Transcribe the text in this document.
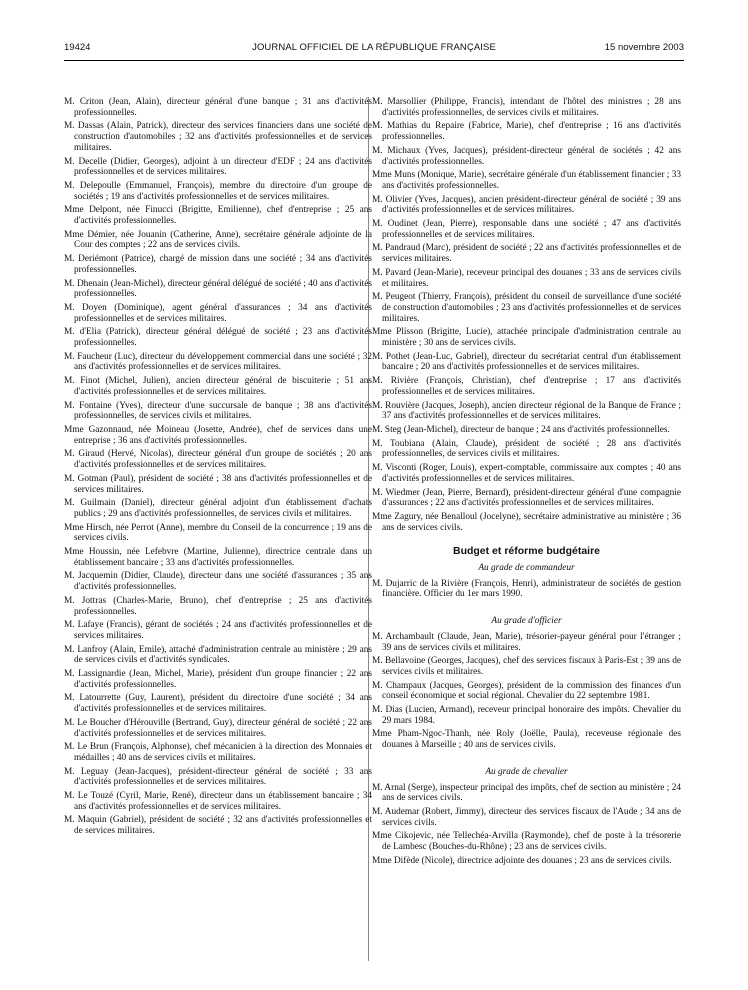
19424	JOURNAL OFFICIEL DE LA RÉPUBLIQUE FRANÇAISE	15 novembre 2003

M. Criton (Jean, Alain), directeur général d'une banque ; 31 ans d'activités professionnelles.

M. Dassas (Alain, Patrick), directeur des services financiers dans une société de construction d'automobiles ; 32 ans d'activités professionnelles et de services militaires.

M. Decelle (Didier, Georges), adjoint à un directeur d'EDF ; 24 ans d'activités professionnelles et de services militaires.

M. Delepoulle (Emmanuel, François), membre du directoire d'un groupe de sociétés ; 19 ans d'activités professionnelles et de services militaires.

Mme Delpont, née Finucci (Brigitte, Emilienne), chef d'entreprise ; 25 ans d'activités professionnelles.

Mme Démier, née Jouanin (Catherine, Anne), secrétaire générale adjointe de la Cour des comptes ; 22 ans de services civils.

M. Deriémont (Patrice), chargé de mission dans une société ; 34 ans d'activités professionnelles.

M. Dhenain (Jean-Michel), directeur général délégué de société ; 40 ans d'activités professionnelles.

M. Doyen (Dominique), agent général d'assurances ; 34 ans d'activités professionnelles et de services militaires.

M. d'Elia (Patrick), directeur général délégué de société ; 23 ans d'activités professionnelles.

M. Faucheur (Luc), directeur du développement commercial dans une société ; 32 ans d'activités professionnelles et de services militaires.

M. Finot (Michel, Julien), ancien directeur général de biscuiterie ; 51 ans d'activités professionnelles et de services militaires.

M. Fontaine (Yves), directeur d'une succursale de banque ; 38 ans d'activités professionnelles, de services civils et militaires.

Mme Gazonnaud, née Moineau (Josette, Andrée), chef de services dans une entreprise ; 36 ans d'activités professionnelles.

M. Giraud (Hervé, Nicolas), directeur général d'un groupe de sociétés ; 20 ans d'activités professionnelles et de services militaires.

M. Gotman (Paul), président de société ; 38 ans d'activités professionnelles et de services militaires.

M. Guilmain (Daniel), directeur général adjoint d'un établissement d'achats publics ; 29 ans d'activités professionnelles, de services civils et militaires.

Mme Hirsch, née Perrot (Anne), membre du Conseil de la concurrence ; 19 ans de services civils.

Mme Houssin, née Lefebvre (Martine, Julienne), directrice centrale dans un établissement bancaire ; 33 ans d'activités professionnelles.

M. Jacquemin (Didier, Claude), directeur dans une société d'assurances ; 35 ans d'activités professionnelles.

M. Jottras (Charles-Marie, Bruno), chef d'entreprise ; 25 ans d'activités professionnelles.

M. Lafaye (Francis), gérant de sociétés ; 24 ans d'activités professionnelles et de services militaires.

M. Lanfroy (Alain, Emile), attaché d'administration centrale au ministère ; 29 ans de services civils et d'activités syndicales.

M. Lassignardie (Jean, Michel, Marie), président d'un groupe financier ; 22 ans d'activités professionnelles.

M. Latourrette (Guy, Laurent), président du directoire d'une société ; 34 ans d'activités professionnelles et de services militaires.

M. Le Boucher d'Hérouville (Bertrand, Guy), directeur général de société ; 22 ans d'activités professionnelles et de services militaires.

M. Le Brun (François, Alphonse), chef mécanicien à la direction des Monnaies et médailles ; 40 ans de services civils et militaires.

M. Leguay (Jean-Jacques), président-directeur général de société ; 33 ans d'activités professionnelles et de services militaires.

M. Le Touzé (Cyril, Marie, René), directeur dans un établissement bancaire ; 34 ans d'activités professionnelles et de services militaires.

M. Maquin (Gabriel), président de société ; 32 ans d'activités professionnelles et de services militaires.

M. Marsollier (Philippe, Francis), intendant de l'hôtel des ministres ; 28 ans d'activités professionnelles, de services civils et militaires.

M. Mathias du Repaire (Fabrice, Marie), chef d'entreprise ; 16 ans d'activités professionnelles.

M. Michaux (Yves, Jacques), président-directeur général de sociétés ; 42 ans d'activités professionnelles.

Mme Muns (Monique, Marie), secrétaire générale d'un établissement financier ; 33 ans d'activités professionnelles.

M. Olivier (Yves, Jacques), ancien président-directeur général de société ; 39 ans d'activités professionnelles et de services militaires.

M. Oudinet (Jean, Pierre), responsable dans une société ; 47 ans d'activités professionnelles et de services militaires.

M. Pandraud (Marc), président de société ; 22 ans d'activités professionnelles et de services militaires.

M. Pavard (Jean-Marie), receveur principal des douanes ; 33 ans de services civils et militaires.

M. Peugeot (Thierry, François), président du conseil de surveillance d'une société de construction d'automobiles ; 23 ans d'activités professionnelles et de services militaires.

Mme Plisson (Brigitte, Lucie), attachée principale d'administration centrale au ministère ; 30 ans de services civils.

M. Pothet (Jean-Luc, Gabriel), directeur du secrétariat central d'un établissement bancaire ; 20 ans d'activités professionnelles et de services militaires.

M. Rivière (François, Christian), chef d'entreprise ; 17 ans d'activités professionnelles et de services militaires.

M. Rouvière (Jacques, Joseph), ancien directeur régional de la Banque de France ; 37 ans d'activités professionnelles et de services militaires.

M. Steg (Jean-Michel), directeur de banque ; 24 ans d'activités professionnelles.

M. Toubiana (Alain, Claude), président de société ; 28 ans d'activités professionnelles, de services civils et militaires.

M. Visconti (Roger, Louis), expert-comptable, commissaire aux comptes ; 40 ans d'activités professionnelles et de services militaires.

M. Wiedmer (Jean, Pierre, Bernard), président-directeur général d'une compagnie d'assurances ; 22 ans d'activités professionnelles et de services militaires.

Mme Zagury, née Benalloul (Jocelyne), secrétaire administrative au ministère ; 36 ans de services civils.

Budget et réforme budgétaire
Au grade de commandeur

M. Dujarric de la Rivière (François, Henri), administrateur de sociétés de gestion financière. Officier du 1er mars 1990.

Au grade d'officier

M. Archambault (Claude, Jean, Marie), trésorier-payeur général pour l'étranger ; 39 ans de services civils et militaires.

M. Bellavoine (Georges, Jacques), chef des services fiscaux à Paris-Est ; 39 ans de services civils et militaires.

M. Champaux (Jacques, Georges), président de la commission des finances d'un conseil économique et social régional. Chevalier du 22 septembre 1981.

M. Dias (Lucien, Armand), receveur principal honoraire des impôts. Chevalier du 29 mars 1984.

Mme Pham-Ngoc-Thanh, née Roly (Joëlle, Paula), receveuse régionale des douanes à Marseille ; 40 ans de services civils.

Au grade de chevalier

M. Arnal (Serge), inspecteur principal des impôts, chef de section au ministère ; 24 ans de services civils.

M. Audemar (Robert, Jimmy), directeur des services fiscaux de l'Aude ; 34 ans de services civils.

Mme Cikojevic, née Tellechéa-Arvilla (Raymonde), chef de poste à la trésorerie de Lambesc (Bouches-du-Rhône) ; 23 ans de services civils.

Mme Difède (Nicole), directrice adjointe des douanes ; 23 ans de services civils.
